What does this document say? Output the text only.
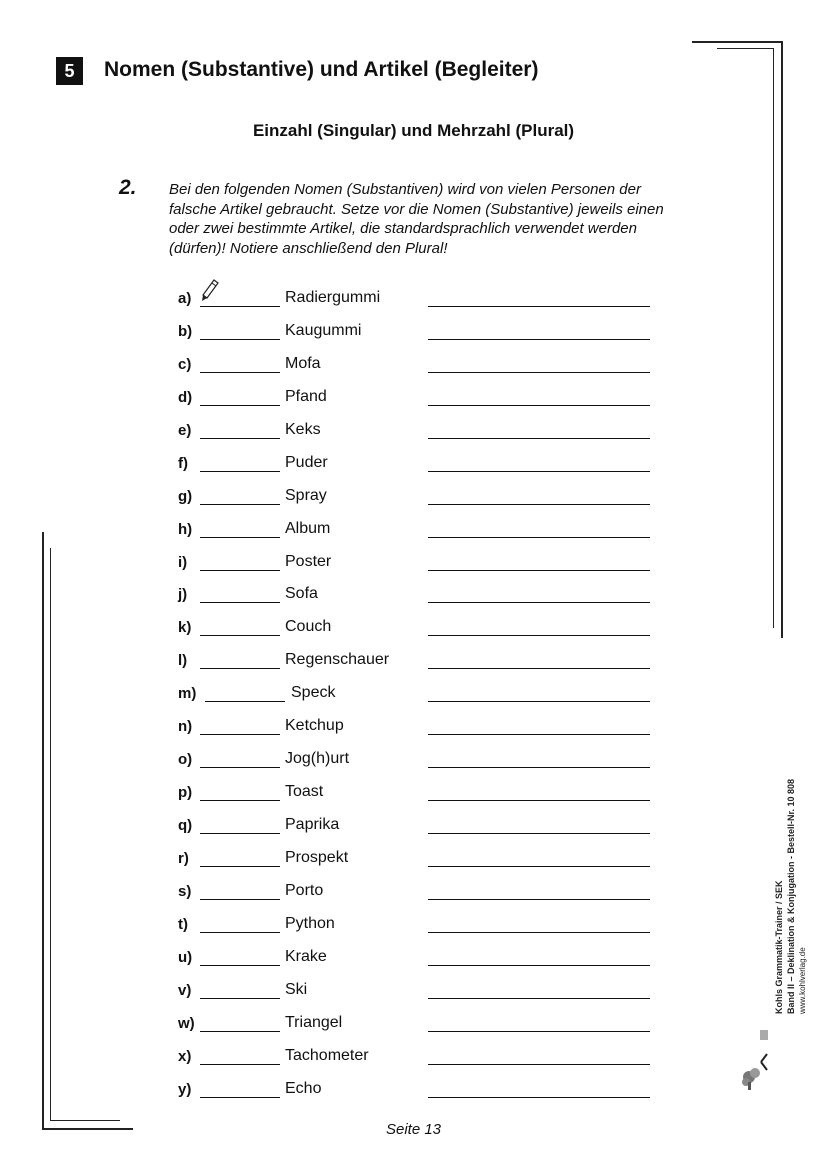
5	Nomen (Substantive) und Artikel (Begleiter)
Einzahl (Singular) und Mehrzahl (Plural)
2. Bei den folgenden Nomen (Substantiven) wird von vielen Personen der
falsche Artikel gebraucht. Setze vor die Nomen (Substantive) jeweils einen
oder zwei bestimmte Artikel, die standardsprachlich verwendet werden
(dürfen)! Notiere anschließend den Plural!
a)	Radiergummi
b)	Kaugummi
c)	Mofa
d)	Pfand
e)	Keks
f)	Puder
g)	Spray
h)	Album
i)	Poster
j)	Sofa
k)	Couch
l)	Regenschauer
m)	Speck
n)	Ketchup
o)	Jog(h)urt
p)	Toast
q)	Paprika
r)	Prospekt
s)	Porto
t)	Python
u)	Krake
v)	Ski
w)	Triangel
x)	Tachometer
y)	Echo
Seite 13
Kohls Grammatik-Trainer / SEK Band II – Deklination & Konjugation - Bestell-Nr. 10 808 www.kohlverlag.de
